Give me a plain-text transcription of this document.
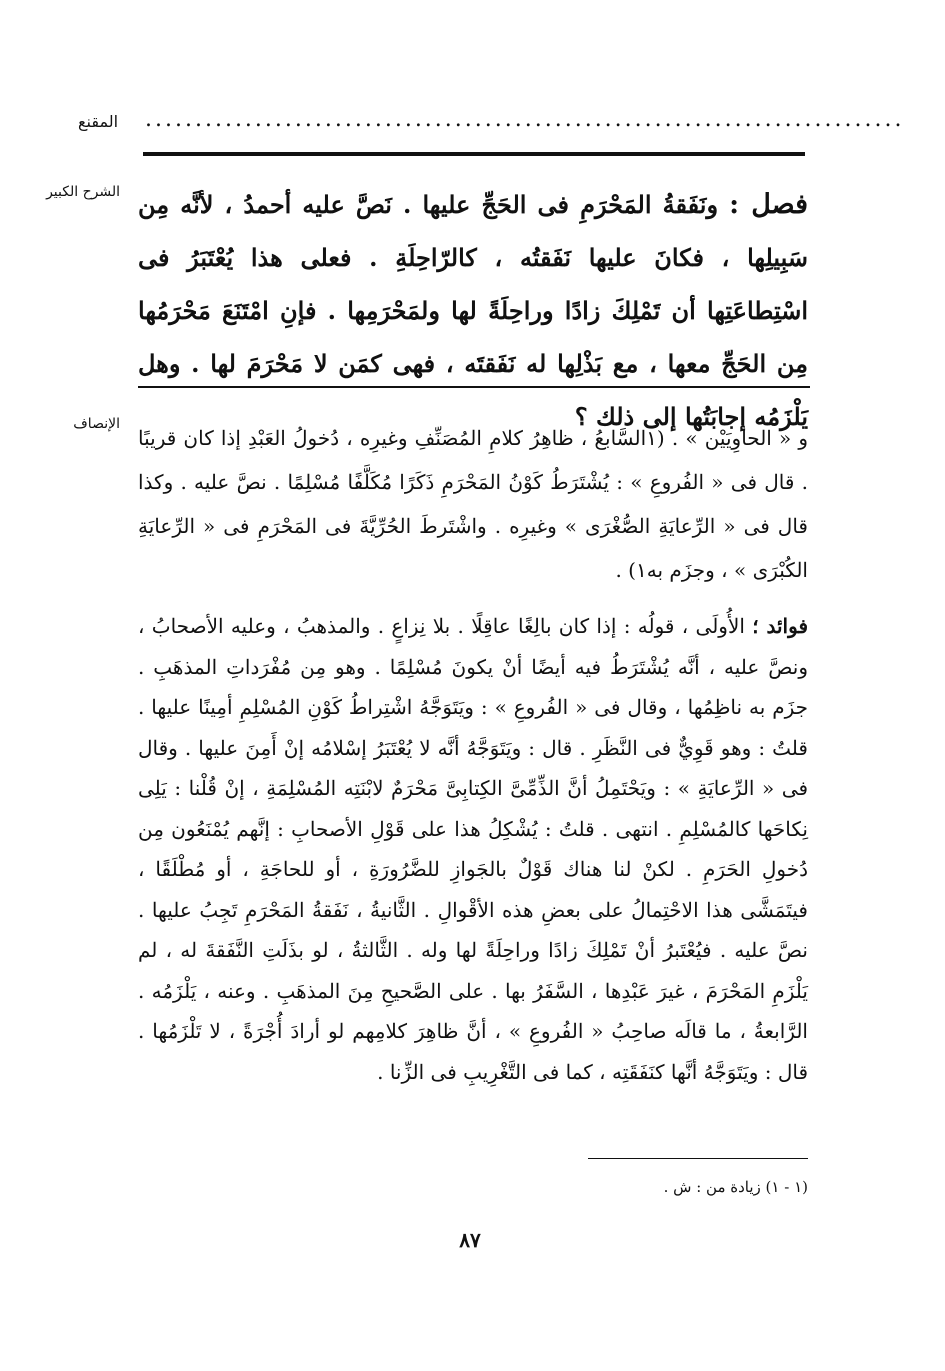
............................................................................
المقنع
الشرح الكبير	فصل : ونَفَقةُ المَحْرَمِ فى الحَجِّ عليها . نَصَّ عليه أحمدُ ، لأنَّه مِن سَبِيلِها ، فكانَ عليها نَفَقتُه ، كالرّاحِلَةِ . فعلى هذا يُعْتَبَرُ فى اسْتِطاعَتِها أن تَمْلِكَ زادًا وراحِلَةً لها ولمَحْرَمِها . فإنِ امْتَنَعَ مَحْرَمُها مِن الحَجِّ معها ، مع بَذْلِها له نَفَقتَه ، فهى كمَن لا مَحْرَمَ لها . وهل يَلْزَمُه إجابَتُها إلى ذلك ؟

الإنصاف

و « الحاوِيَيْن » . (١السَّابعُ ، ظاهِرُ كلامِ المُصَنِّفِ وغيرِه ، دُخولُ العَبْدِ إذا كان قريبًا . قال فى « الفُروعِ » : يُشْتَرَطُ كَوْنُ المَحْرَمِ ذَكَرًا مُكَلَّفًا مُسْلِمًا . نصَّ عليه . وكذا قال فى « الرِّعايَةِ الصُّغْرَى » وغيرِه . واشْتَرطَ الحُرِّيَّةَ فى المَحْرَمِ فى « الرِّعايَةِ الكُبْرَى » ، وجزَم به١) .

فوائد ؛ الأُولَى ، قولُه : إذا كان بالِغًا عاقِلًا . بلا نِزاعٍ . والمذهبُ ، وعليه الأصحابُ ، ونصَّ عليه ، أنَّه يُشْتَرَطُ فيه أيضًا أنْ يكونَ مُسْلِمًا . وهو مِن مُفْرَداتِ المذهَبِ . جزَم به ناظِمُها ، وقال فى « الفُروعِ » : ويَتَوَجَّهُ اشْتِراطُ كَوْنِ المُسْلِمِ أمِينًا عليها . قلتُ : وهو قَوِيٌّ فى النَّظَرِ . قال : ويَتَوَجَّهُ أنَّه لا يُعْتَبَرُ إسْلامُه إنْ أَمِنَ عليها . وقال فى « الرِّعايَةِ » : ويَحْتَمِلُ أنَّ الذِّمِّىَّ الكِتابِىَّ مَحْرَمٌ لابْنَتِه المُسْلِمَةِ ، إنْ قُلْنا : يَلِى نِكاحَها كالمُسْلِمِ . انتهى . قلتُ : يُشْكِلُ هذا على قَوْلِ الأصحابِ : إنَّهم يُمْنَعُون مِن دُخولِ الحَرَمِ . لكنْ لنا هناك قَوْلٌ بالجَوازِ للضَّرُورَةِ ، أو للحاجَةِ ، أو مُطْلَقًا ، فيتَمَشَّى هذا الاحْتِمالُ على بعضِ هذه الأقْوالِ . الثَّانيةُ ، نَفَقةُ المَحْرَمِ تَجِبُ عليها . نصَّ عليه . فيُعْتَبرُ أنْ تَمْلِكَ زادًا وراحِلَةً لها وله . الثَّالثةُ ، لو بذَلَتِ النَّفَقةَ له ، لم يَلْزَمِ المَحْرَمَ ، غيرَ عَبْدِها ، السَّفَرُ بها . على الصَّحيحِ مِنَ المذهَبِ . وعنه ، يَلْزَمُه . الرَّابعةُ ، ما قالَه صاحِبُ « الفُروعِ » ، أنَّ ظاهِرَ كلامِهم لو أرادَ أُجْرَةً ، لا تَلْزَمُها . قال : ويَتَوَجَّهُ أنَّها كنَفَقَتِه ، كما فى التَّغْرِيبِ فى الزِّنا .

(١ - ١) زيادة من : ش .
٨٧
